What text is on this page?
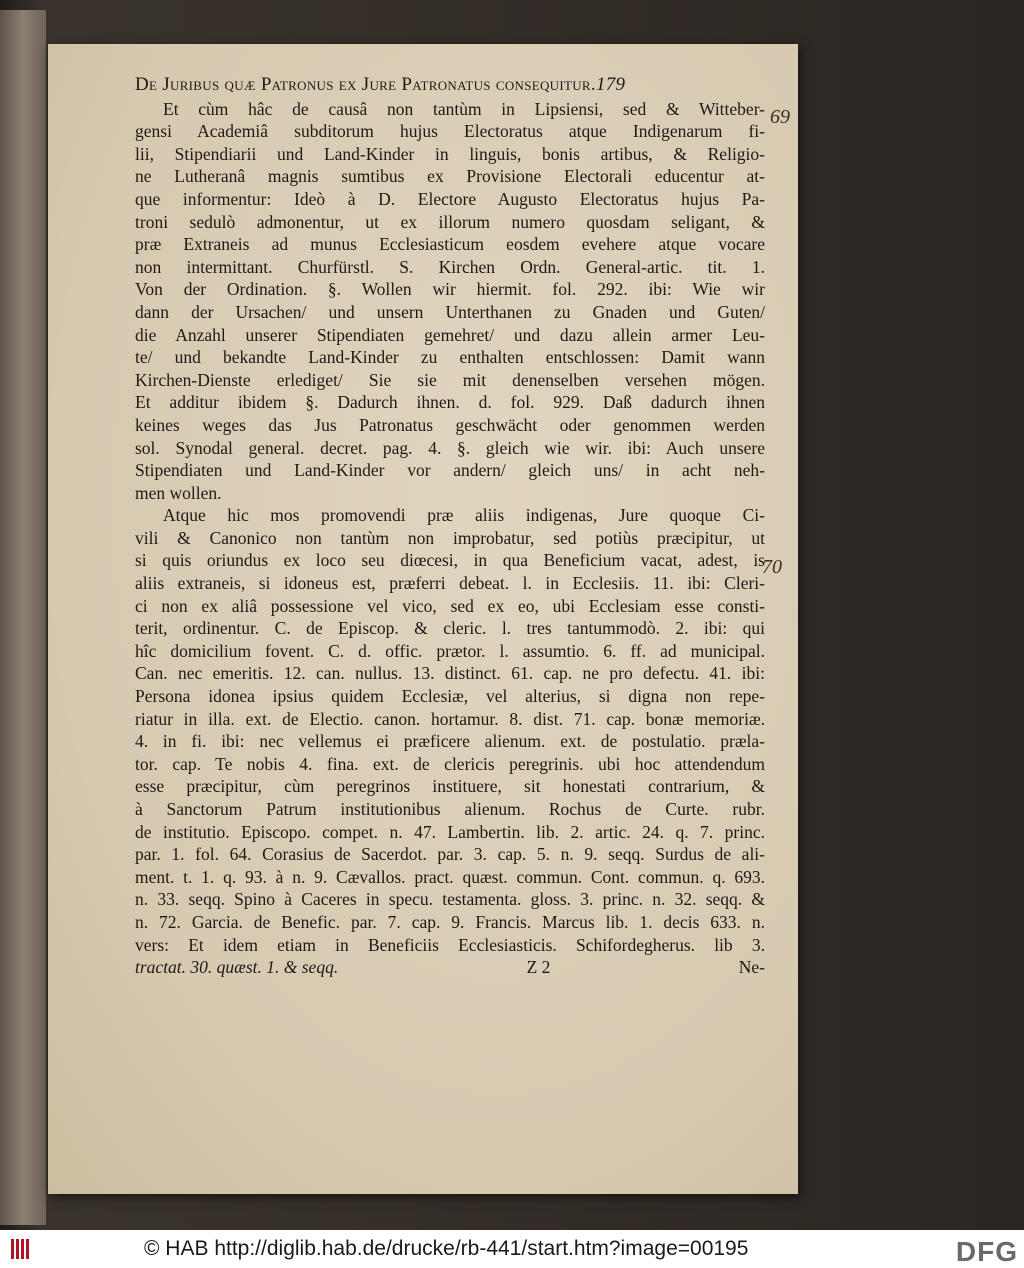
De Juribus quæ Patronus ex Jure Patronatus consequitur.179
Et cùm hâc de causâ non tantùm in Lipsiensi, sed & Witteber-
gensi Academiâ subditorum hujus Electoratus atque Indigenarum fi-
lii, Stipendiarii und Land-Kinder in linguis, bonis artibus, & Religio-
ne Lutheranâ magnis sumtibus ex Provisione Electorali educentur at-
que informentur: Ideò à D. Electore Augusto Electoratus hujus Pa-
troni sedulò admonentur, ut ex illorum numero quosdam seligant, &
præ Extraneis ad munus Ecclesiasticum eosdem evehere atque vocare
non intermittant. Churfürstl. S. Kirchen Ordn. General-artic. tit. 1.
Von der Ordination. §. Wollen wir hiermit. fol. 292. ibi: Wie wir
dann der Ursachen/ und unsern Unterthanen zu Gnaden und Guten/
die Anzahl unserer Stipendiaten gemehret/ und dazu allein armer Leu-
te/ und bekandte Land-Kinder zu enthalten entschlossen: Damit wann
Kirchen-Dienste erlediget/ Sie sie mit denenselben versehen mögen.
Et additur ibidem §. Dadurch ihnen. d. fol. 929. Daß dadurch ihnen
keines weges das Jus Patronatus geschwächt oder genommen werden
sol. Synodal general. decret. pag. 4. §. gleich wie wir. ibi: Auch unsere
Stipendiaten und Land-Kinder vor andern/ gleich uns/ in acht neh-
men wollen.
Atque hic mos promovendi præ aliis indigenas, Jure quoque Ci-
vili & Canonico non tantùm non improbatur, sed potiùs præcipitur, ut
si quis oriundus ex loco seu diœcesi, in qua Beneficium vacat, adest, is
aliis extraneis, si idoneus est, præferri debeat. l. in Ecclesiis. 11. ibi: Cleri-
ci non ex aliâ possessione vel vico, sed ex eo, ubi Ecclesiam esse consti-
terit, ordinentur. C. de Episcop. & cleric. l. tres tantummodò. 2. ibi: qui
hîc domicilium fovent. C. d. offic. prætor. l. assumtio. 6. ff. ad municipal.
Can. nec emeritis. 12. can. nullus. 13. distinct. 61. cap. ne pro defectu. 41. ibi:
Persona idonea ipsius quidem Ecclesiæ, vel alterius, si digna non repe-
riatur in illa. ext. de Electio. canon. hortamur. 8. dist. 71. cap. bonæ memoriæ.
4. in fi. ibi: nec vellemus ei præficere alienum. ext. de postulatio. præla-
tor. cap. Te nobis 4. fina. ext. de clericis peregrinis. ubi hoc attendendum
esse præcipitur, cùm peregrinos instituere, sit honestati contrarium, &
à Sanctorum Patrum institutionibus alienum. Rochus de Curte. rubr.
de institutio. Episcopo. compet. n. 47. Lambertin. lib. 2. artic. 24. q. 7. princ.
par. 1. fol. 64. Corasius de Sacerdot. par. 3. cap. 5. n. 9. seqq. Surdus de ali-
ment. t. 1. q. 93. à n. 9. Cævallos. pract. quæst. commun. Cont. commun. q. 693.
n. 33. seqq. Spino à Caceres in specu. testamenta. gloss. 3. princ. n. 32. seqq. &
n. 72. Garcia. de Benefic. par. 7. cap. 9. Francis. Marcus lib. 1. decis 633. n.
vers: Et idem etiam in Beneficiis Ecclesiasticis. Schifordegherus. lib 3.
tractat. 30. quæst. 1. & seqq.	Z 2	Ne-
69
70
© HAB http://diglib.hab.de/drucke/rb-441/start.htm?image=00195	DFG
